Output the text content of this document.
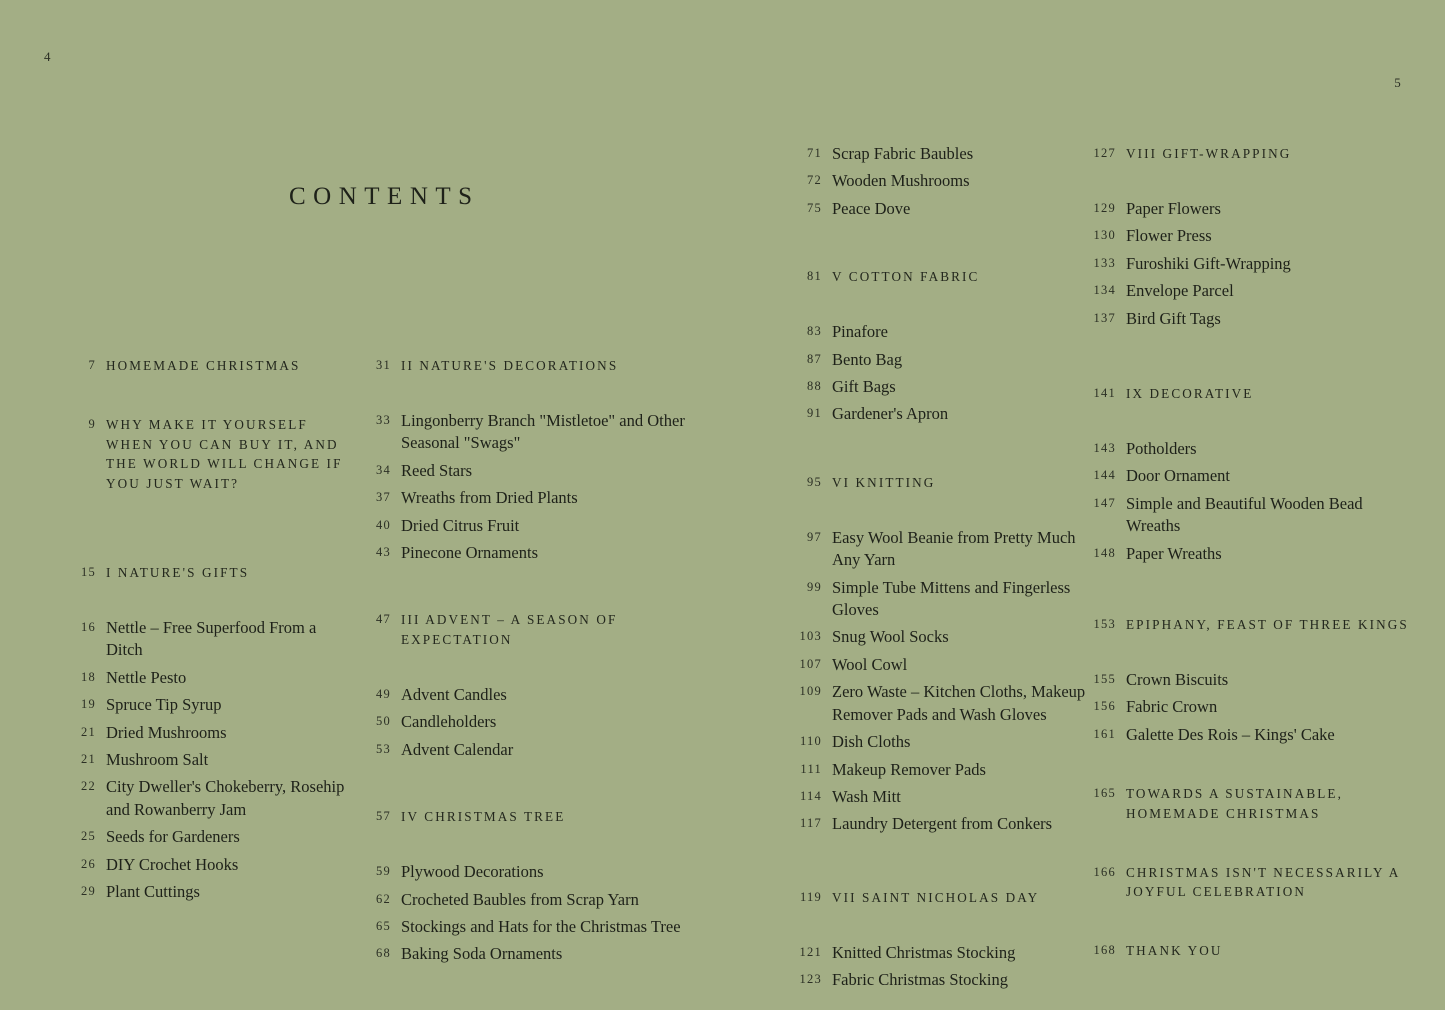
4
5
CONTENTS
7 HOMEMADE CHRISTMAS
9 WHY MAKE IT YOURSELF WHEN YOU CAN BUY IT, AND THE WORLD WILL CHANGE IF YOU JUST WAIT?
15 I NATURE'S GIFTS
16 Nettle – Free Superfood From a Ditch
18 Nettle Pesto
19 Spruce Tip Syrup
21 Dried Mushrooms
21 Mushroom Salt
22 City Dweller's Chokeberry, Rosehip and Rowanberry Jam
25 Seeds for Gardeners
26 DIY Crochet Hooks
29 Plant Cuttings
31 II NATURE'S DECORATIONS
33 Lingonberry Branch "Mistletoe" and Other Seasonal "Swags"
34 Reed Stars
37 Wreaths from Dried Plants
40 Dried Citrus Fruit
43 Pinecone Ornaments
47 III ADVENT – A SEASON OF EXPECTATION
49 Advent Candles
50 Candleholders
53 Advent Calendar
57 IV CHRISTMAS TREE
59 Plywood Decorations
62 Crocheted Baubles from Scrap Yarn
65 Stockings and Hats for the Christmas Tree
68 Baking Soda Ornaments
71 Scrap Fabric Baubles
72 Wooden Mushrooms
75 Peace Dove
81 V COTTON FABRIC
83 Pinafore
87 Bento Bag
88 Gift Bags
91 Gardener's Apron
95 VI KNITTING
97 Easy Wool Beanie from Pretty Much Any Yarn
99 Simple Tube Mittens and Fingerless Gloves
103 Snug Wool Socks
107 Wool Cowl
109 Zero Waste – Kitchen Cloths, Makeup Remover Pads and Wash Gloves
110 Dish Cloths
111 Makeup Remover Pads
114 Wash Mitt
117 Laundry Detergent from Conkers
119 VII SAINT NICHOLAS DAY
121 Knitted Christmas Stocking
123 Fabric Christmas Stocking
127 VIII GIFT-WRAPPING
129 Paper Flowers
130 Flower Press
133 Furoshiki Gift-Wrapping
134 Envelope Parcel
137 Bird Gift Tags
141 IX DECORATIVE
143 Potholders
144 Door Ornament
147 Simple and Beautiful Wooden Bead Wreaths
148 Paper Wreaths
153 EPIPHANY, FEAST OF THREE KINGS
155 Crown Biscuits
156 Fabric Crown
161 Galette Des Rois – Kings' Cake
165 TOWARDS A SUSTAINABLE, HOMEMADE CHRISTMAS
166 CHRISTMAS ISN'T NECESSARILY A JOYFUL CELEBRATION
168 THANK YOU
